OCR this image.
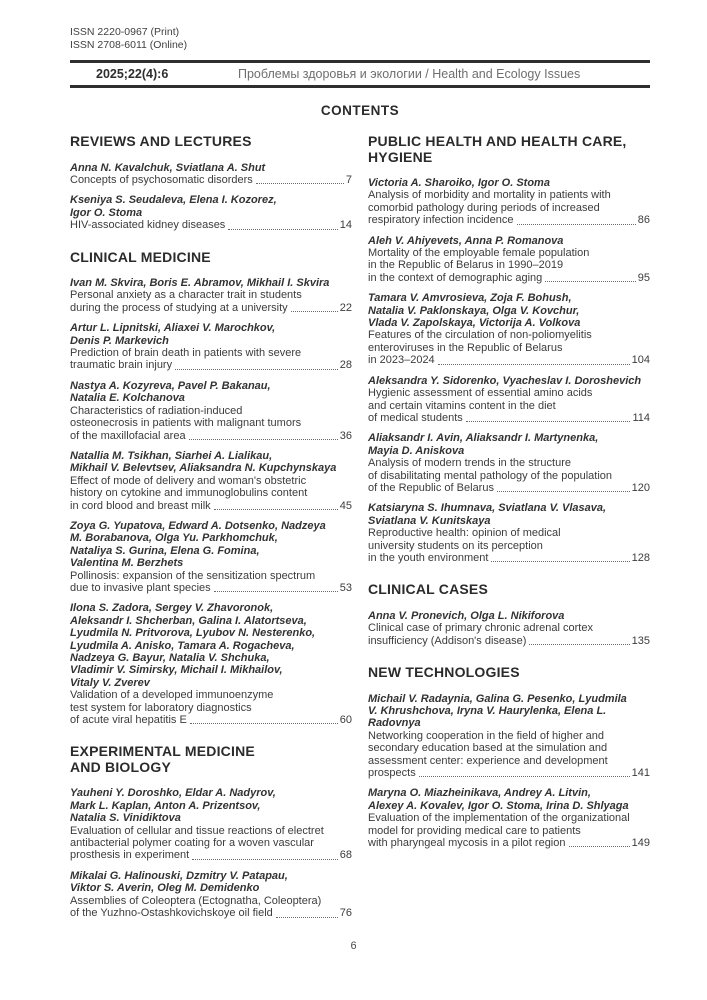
ISSN 2220-0967 (Print)
ISSN 2708-6011 (Online)
2025;22(4):6	Проблемы здоровья и экологии / Health and Ecology Issues
CONTENTS
REVIEWS AND LECTURES
Anna N. Kavalchuk, Sviatlana A. Shut
Concepts of psychosomatic disorders	7
Kseniya S. Seudaleva, Elena I. Kozorez,
Igor O. Stoma
HIV-associated kidney diseases	14
CLINICAL MEDICINE
Ivan M. Skvira, Boris E. Abramov, Mikhail I. Skvira
Personal anxiety as a character trait in students
during the process of studying at a university	22
Artur L. Lipnitski, Aliaxei V. Marochkov,
Denis P. Markevich
Prediction of brain death in patients with severe
traumatic brain injury	28
Nastya A. Kozyreva, Pavel P. Bakanau,
Natalia E. Kolchanova
Characteristics of radiation-induced
osteonecrosis in patients with malignant tumors
of the maxillofacial area	36
Natallia M. Tsikhan, Siarhei A. Lialikau,
Mikhail V. Belevtsev, Aliaksandra N. Kupchynskaya
Effect of mode of delivery and woman's obstetric
history on cytokine and immunoglobulins content
in cord blood and breast milk	45
Zoya G. Yupatova, Edward A. Dotsenko, Nadzeya
M. Borabanova, Olga Yu. Parkhomchuk,
Nataliya S. Gurina, Elena G. Fomina,
Valentina M. Berzhets
Pollinosis: expansion of the sensitization spectrum
due to invasive plant species	53
Ilona S. Zadora, Sergey V. Zhavoronok,
Aleksandr I. Shcherban, Galina I. Alatortseva,
Lyudmila N. Pritvorova, Lyubov N. Nesterenko,
Lyudmila A. Anisko, Tamara A. Rogacheva,
Nadzeya G. Bayur, Natalia V. Shchuka,
Vladimir V. Simirsky, Michail I. Mikhailov,
Vitaly V. Zverev
Validation of a developed immunoenzyme
test system for laboratory diagnostics
of acute viral hepatitis E	60
EXPERIMENTAL MEDICINE
AND BIOLOGY
Yauheni Y. Doroshko, Eldar A. Nadyrov,
Mark L. Kaplan, Anton A. Prizentsov,
Natalia S. Vinidiktova
Evaluation of cellular and tissue reactions of electret
antibacterial polymer coating for a woven vascular
prosthesis in experiment	68
Mikalai G. Halinouski, Dzmitry V. Patapau,
Viktor S. Averin, Oleg M. Demidenko
Assemblies of Coleoptera (Ectognatha, Coleoptera)
of the Yuzhno-Ostashkovichskoye oil field	76
PUBLIC HEALTH AND HEALTH CARE,
HYGIENE
Victoria A. Sharoiko, Igor O. Stoma
Analysis of morbidity and mortality in patients with
comorbid pathology during periods of increased
respiratory infection incidence	86
Aleh V. Ahiyevets, Anna P. Romanova
Mortality of the employable female population
in the Republic of Belarus in 1990–2019
in the context of demographic aging	95
Tamara V. Amvrosieva, Zoja F. Bohush,
Natalia V. Paklonskaya, Olga V. Kovchur,
Vlada V. Zapolskaya, Victorija A. Volkova
Features of the circulation of non-poliomyelitis
enteroviruses in the Republic of Belarus
in 2023–2024	104
Aleksandra Y. Sidorenko, Vyacheslav I. Doroshevich
Hygienic assessment of essential amino acids
and certain vitamins content in the diet
of medical students	114
Aliaksandr I. Avin, Aliaksandr I. Martynenka,
Mayia D. Aniskova
Analysis of modern trends in the structure
of disabilitating mental pathology of the population
of the Republic of Belarus	120
Katsiaryna S. Ihumnava, Sviatlana V. Vlasava,
Sviatlana V. Kunitskaya
Reproductive health: opinion of medical
university students on its perception
in the youth environment	128
CLINICAL CASES
Anna V. Pronevich, Olga L. Nikiforova
Clinical case of primary chronic adrenal cortex
insufficiency (Addison's disease)	135
NEW TECHNOLOGIES
Michail V. Radaynia, Galina G. Pesenko, Lyudmila
V. Khrushchova, Iryna V. Haurylenka, Elena L.
Radovnya
Networking cooperation in the field of higher and
secondary education based at the simulation and
assessment center: experience and development
prospects	141
Maryna O. Miazheinikava, Andrey A. Litvin,
Alexey A. Kovalev, Igor O. Stoma, Irina D. Shlyaga
Evaluation of the implementation of the organizational
model for providing medical care to patients
with pharyngeal mycosis in a pilot region	149
6
